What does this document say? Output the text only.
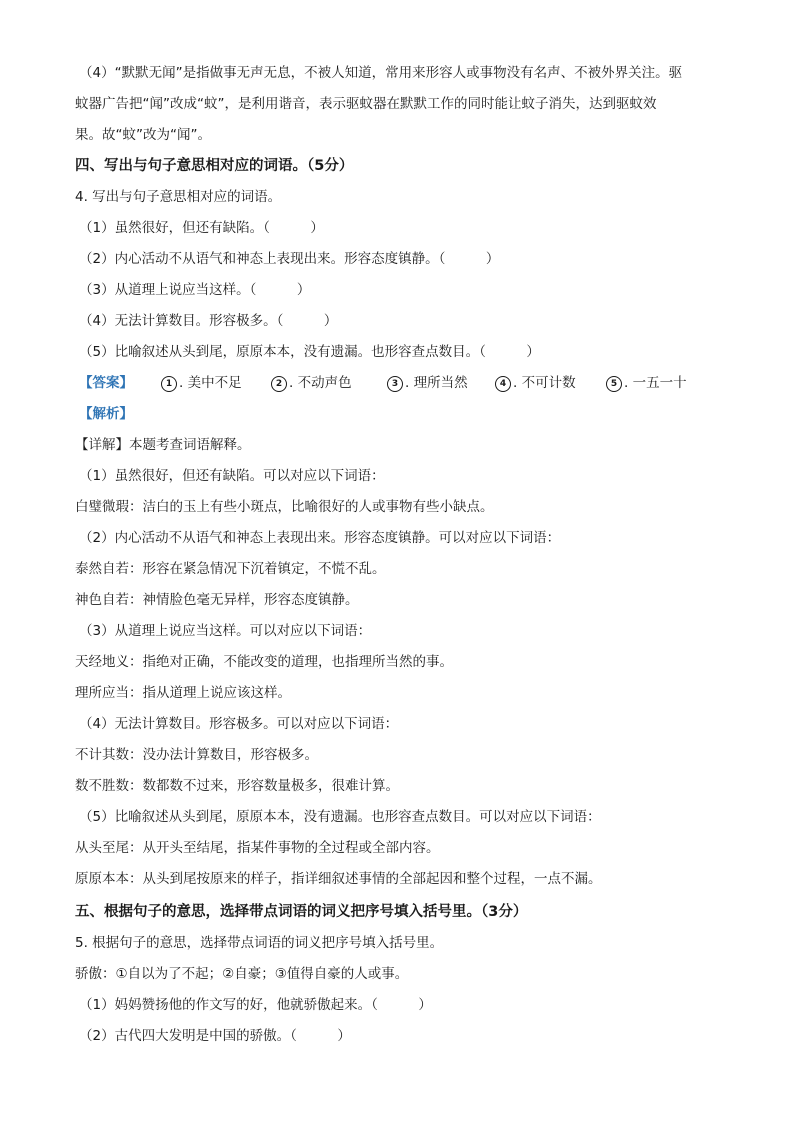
（4）“默默无闻”是指做事无声无息，不被人知道，常用来形容人或事物没有名声、不被外界关注。驱
蚊器广告把“闻”改成“蚊”，是利用谐音，表示驱蚊器在默默工作的同时能让蚊子消失，达到驱蚊效
果。故“蚊”改为“闻”。
四、写出与句子意思相对应的词语。（5分）
4. 写出与句子意思相对应的词语。
（1）虽然很好，但还有缺陷。（　　　）
（2）内心活动不从语气和神态上表现出来。形容态度镇静。（　　　）
（3）从道理上说应当这样。（　　　）
（4）无法计算数目。形容极多。（　　　）
（5）比喻叙述从头到尾，原原本本，没有遗漏。也形容查点数目。（　　　）
【答案】	1 . 美中不足	2 . 不动声色	3 . 理所当然	4 . 不可计数	5 . 一五一十
【解析】
【详解】本题考查词语解释。
（1）虽然很好，但还有缺陷。可以对应以下词语：
白璧微瑕：洁白的玉上有些小斑点，比喻很好的人或事物有些小缺点。
（2）内心活动不从语气和神态上表现出来。形容态度镇静。可以对应以下词语：
泰然自若：形容在紧急情况下沉着镇定，不慌不乱。
神色自若：神情脸色毫无异样，形容态度镇静。
（3）从道理上说应当这样。可以对应以下词语：
天经地义：指绝对正确，不能改变的道理，也指理所当然的事。
理所应当：指从道理上说应该这样。
（4）无法计算数目。形容极多。可以对应以下词语：
不计其数：没办法计算数目，形容极多。
数不胜数：数都数不过来，形容数量极多，很难计算。
（5）比喻叙述从头到尾，原原本本，没有遗漏。也形容查点数目。可以对应以下词语：
从头至尾：从开头至结尾，指某件事物的全过程或全部内容。
原原本本：从头到尾按原来的样子，指详细叙述事情的全部起因和整个过程，一点不漏。
五、根据句子的意思，选择带点词语的词义把序号填入括号里。（3分）
5. 根据句子的意思，选择带点词语的词义把序号填入括号里。
骄傲：①自以为了不起；②自豪；③值得自豪的人或事。
（1）妈妈赞扬他的作文写的好，他就骄傲起来。（　　　）
（2）古代四大发明是中国的骄傲。（　　　）
